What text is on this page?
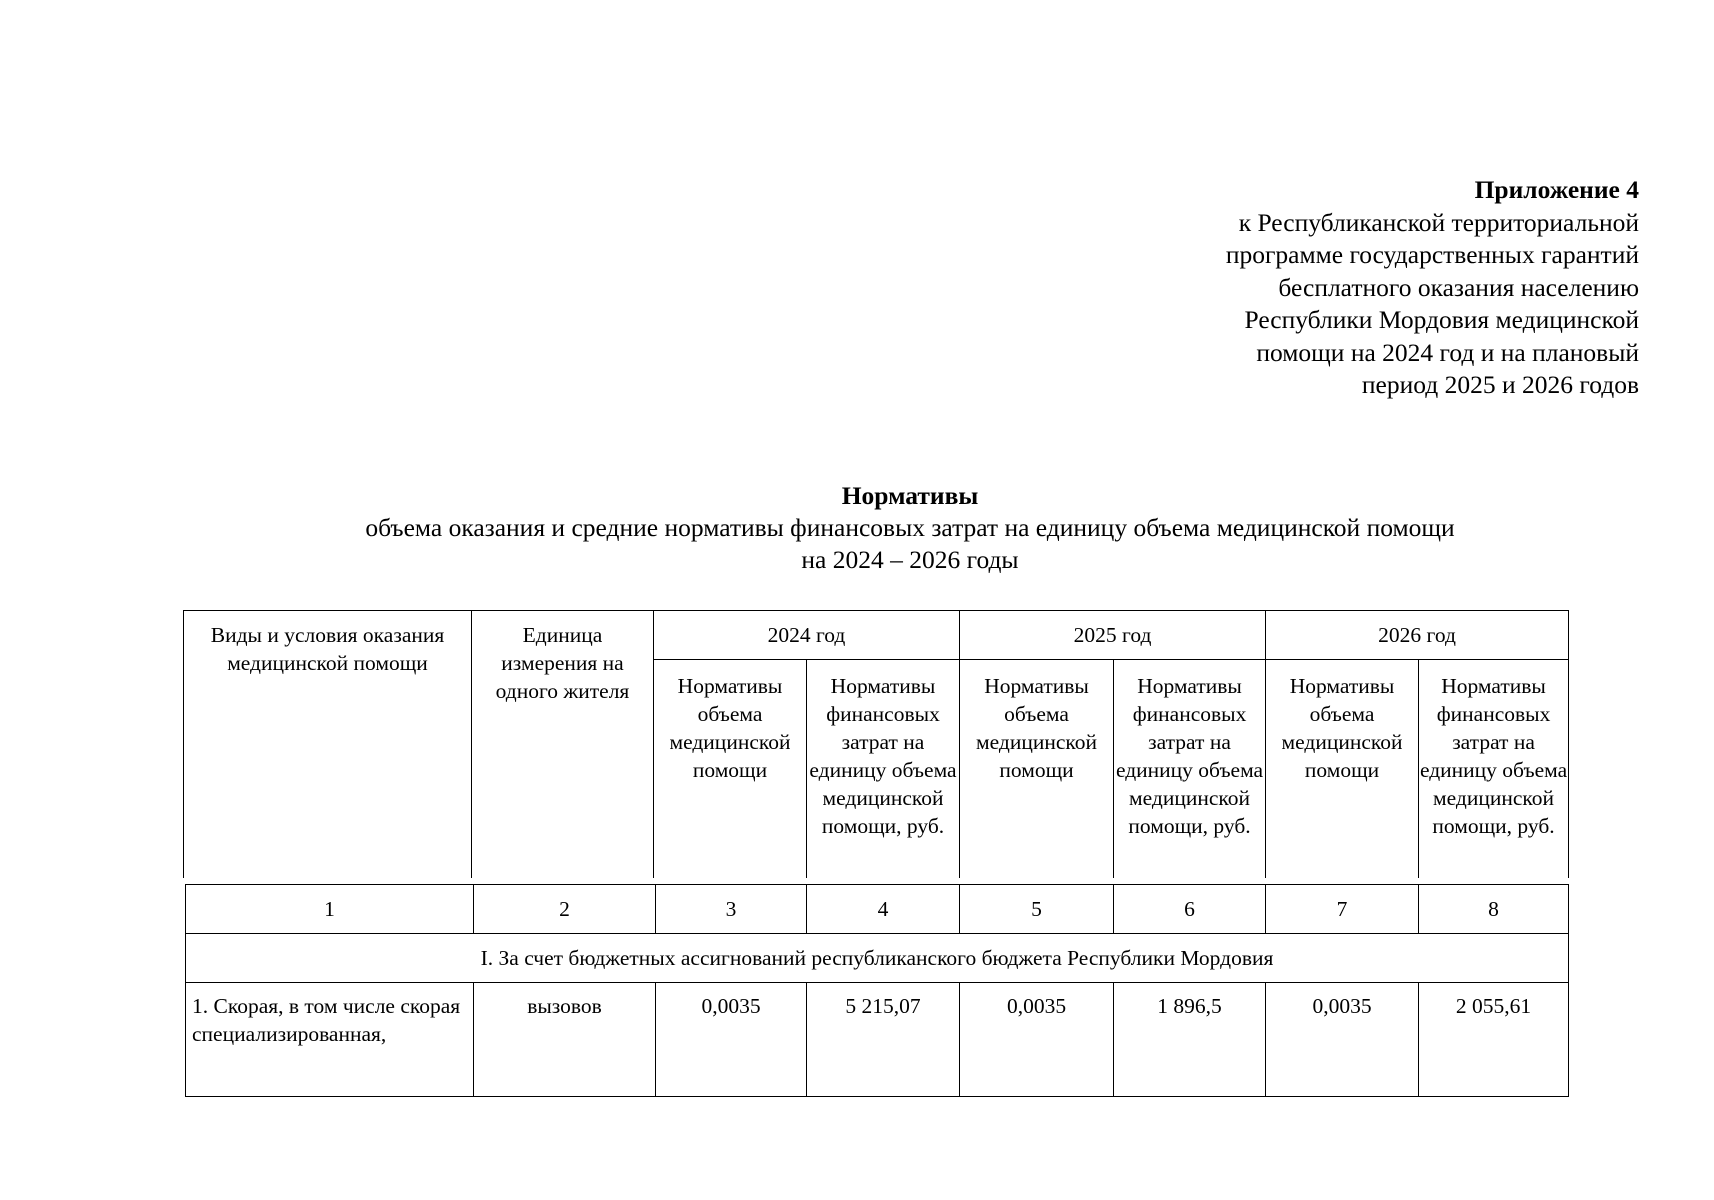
Приложение 4
к Республиканской территориальной
программе государственных гарантий
бесплатного оказания населению
Республики Мордовия медицинской
помощи на 2024 год и на плановый
период 2025 и 2026 годов
Нормативы
объема оказания и средние нормативы финансовых затрат на единицу объема медицинской помощи
на 2024 – 2026 годы
Виды и условия оказания медицинской помощи	Единица измерения на одного жителя	2024 год		2025 год		2026 год	
		Нормативы объема медицинской помощи	Нормативы финансовых затрат на единицу объема медицинской помощи, руб.	Нормативы объема медицинской помощи	Нормативы финансовых затрат на единицу объема медицинской помощи, руб.	Нормативы объема медицинской помощи	Нормативы финансовых затрат на единицу объема медицинской помощи, руб.
1	2	3	4	5	6	7	8
I. За счет бюджетных ассигнований республиканского бюджета Республики Мордовия							
1. Скорая, в том числе скорая специализированная,	вызовов	0,0035	5 215,07	0,0035	1 896,5	0,0035	2 055,61
